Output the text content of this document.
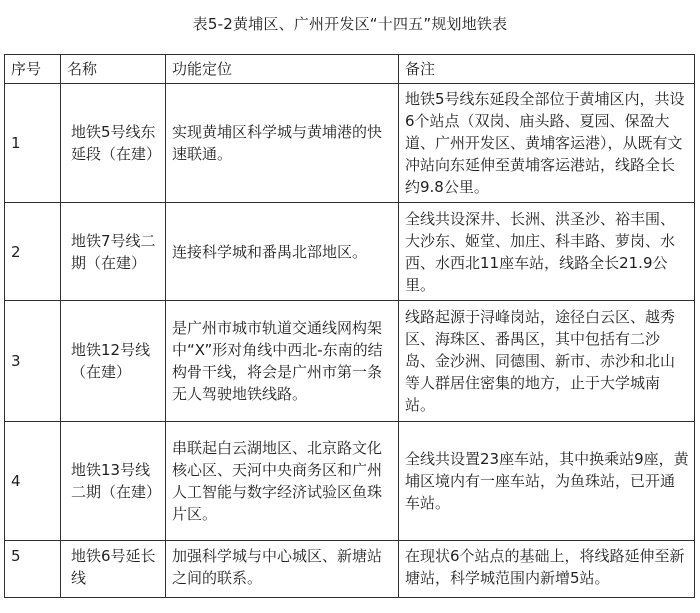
表5-2黄埔区、广州开发区“十四五”规划地铁表
序号	名称	功能定位	备注
1	地铁5号线东延段（在建）	实现黄埔区科学城与黄埔港的快速联通。	地铁5号线东延段全部位于黄埔区内，共设6个站点（双岗、庙头路、夏园、保盈大道、广州开发区、黄埔客运港），从既有文冲站向东延伸至黄埔客运港站，线路全长约9.8公里。
2	地铁7号线二期（在建）	连接科学城和番禺北部地区。	全线共设深井、长洲、洪圣沙、裕丰围、大沙东、姬堂、加庄、科丰路、萝岗、水西、水西北11座车站，线路全长21.9公里。
3	地铁12号线（在建）	是广州市城市轨道交通线网构架中“X”形对角线中西北-东南的结构骨干线，将会是广州市第一条无人驾驶地铁线路。	线路起源于浔峰岗站，途径白云区、越秀区、海珠区、番禺区，其中包括有二沙岛、金沙洲、同德围、新市、赤沙和北山等人群居住密集的地方，止于大学城南站。
4	地铁13号线二期（在建）	串联起白云湖地区、北京路文化核心区、天河中央商务区和广州人工智能与数字经济试验区鱼珠片区。	全线共设置23座车站，其中换乘站9座，黄埔区境内有一座车站，为鱼珠站，已开通车站。
5	地铁6号延长线	加强科学城与中心城区、新塘站之间的联系。	在现状6个站点的基础上，将线路延伸至新塘站，科学城范围内新增5站。
